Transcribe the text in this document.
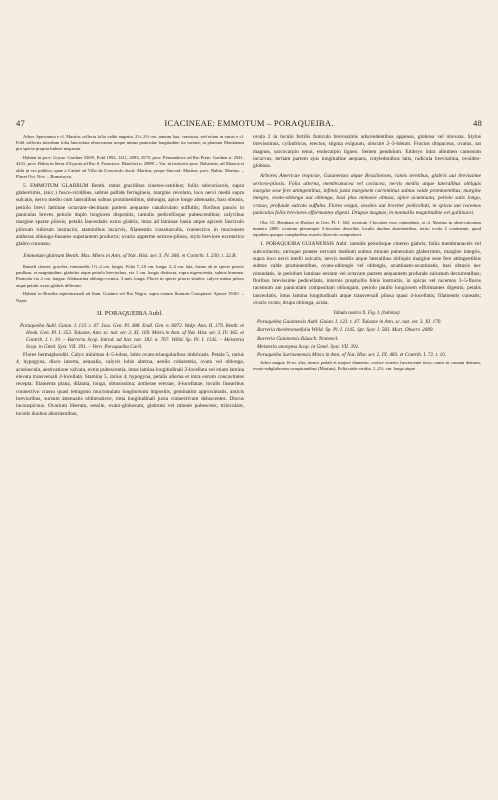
47	ICACINEAE: EMMOTUM – PORAQUEIBA.	48

Arbor. Specimina e cl. Martius collecta folia valde angusta, 2½–3½ cm. tantum lata, crassiora, sed etiam in ramis e cl. Pohl collectis interdum folia lanceolata observantur neque minus paniculae longitudine ita variant, ut plantam Martianam pro specie propria habere nequeam.

Habitat in prov. Goyaz: Gardner 3369!, Pohl 1092, 1411, 2093, 3575; prov. Pernambuco ad Rio Preto: Gardner n. 2941, 4431; prov. Bahia in Serra d'Açurua ad Rio S. Francisco: Blanchet n. 2889! – Var. in fruticetis prov. Bahiensis, ad Maracá et alibi in via publica, quae a Caitité ad Villa da Conceicão ducit: Martius; prope Sincorá: Martius; prov. Bahia: Martius. – Floret Oct. Nov. – Bomatryxa.

5. EMMOTUM GLABRUM Benth. ramis gracilibus cinereo-centibus; foliis subcoriaceis, supra glaberrimis, (sicc.) fusco-viridibus, subtus pallide ferrugineis, margine revoluto, loco nervi medii supra sulcatis, nervo medio cum lateralibus subtus prominentibus, oblongis, apice longe attenuatis, basi obtusis, petiolo brevi laminae octavam–decimam partem aequante canaliculato suffultis; floribus paucis in paniculas breves petiolo duplo longiores dispositis, ramulis pedicellisque pubescentibus; calycibus margine sparse pilosis; petalis lanceolatis extus glabris, intus ad laminae basin atque apicem fasciculo pilorum ruforum instructis; staminibus incurvis, filamentis crassiusculis, connectivo in mucronem antheras oblongo-lineares superantem producto; ovario apperme sericeo-piloso, stylo breviore excentrico glabro coronato.

Emmotum glabrum Benth. Mss. Miers in Ann. of Nat. Hist. ser. 3. IV. 366. et Contrib. I. 230. t. 22.B.

Rameli cinerei, graciles, internodiis 1½–2 cm. longis. Folia 7–10 cm. longa, 2–4 cm. lata, forma ab in specie prioris paullum, at magnitudine, glabritie atque petiolo breviorbus, vix 1 cm. longis distincta, supra nigrescentia, subtus brunnea. Panicula vix 2 cm. longae. Alabastrina oblongo-conica, 3 mm. longa. Flores in specie prioris similes, calyce minus piloso atque petalis extus glabris differunt.

Habitat in Brasilia septentrionali ad fium. Guainia vel Rio Negro, supra ostium fluminis Casiquiare: Spruce 3536!. – Najas.

II. PORAQUEIBA Aubl.

Poraqueiba Aubl. Guian. I. 123. t. 47. Juss. Gen. Pl. 388. Endl. Gen. n. 6872. Walp. Ann. II. 179. Benth. et Hook. Gen. Pl. I. 352. Tulasne, Ann. sc. nat. ser. 3. XI. 169. Miers in Ann. of Nat. Hist. ser. 3. IV. 365. et Contrib. I. t. 10. – Barreria Scop. Introd. ad hist. nat. 182. n. 767. Willd. Sp. Pl. I. 1145. – Meisteria Scop. in Gmel. Syst. VII. 391. – Vern. Poraqueiba Caril.

Flores hermaphroditi. Calyx minimus 4–5-lobus, lobis ovato-triangularibus imbricatis. Petala 5, rarius 4, hypogyna, disco inserta, aequalia, calycis lobis alterna, aeolio coharentia, ovata vel oblonga, acutiuscula, aestivatione valvata, extus pubescentia, intus lamina longitudinali 2-locellata vel etiam lamina elevata transversali 4-locellata. Stamina 5, rarius 4, hypogyna, petalis alterna et intra eorum concavitates recepta; filamenta plana, dilatata, longa, obtusissima; antherae erectae, 4-locellatae, loculis linearibus connectivo crasso quasi tetragono mucronulato longitorsum impositis, geminatim approximatis, anticis brevioribus, sursum attenuatis obliteratisve, rima longitudinali juxta connectivum dehiscentes. Discus inconspicuus. Ovarium liberum, sessile, ovato-globosum, glabrum vel minute pubescens, triloculare, loculis duobus abortientibus;

ovula 2 in loculo fertilis funiculo brevissimis adscendentibus appensa, globosa vel obovata. Stylus brevissimus, cylindricus, erectus; stigma exiguum, obscure 2–3-lobum. Fructus drupaceus, ovatus, sat magnus, sarcocarpio tenui, endocarpio ligneo. Semen pendulum. Embryo intra albumen carnosum incurvus, tertiam partem ejus longitudine aequans, cotyledonibus latis, radicula brevissima, ovoideo-globosa.

Arbores Americae tropicae, Guianenses atque Brasilienses, ramis teretibus, glabris aut brevissime sericeo-pilosis. Folia alterna, membranacea vel coriacea, nervis mediis atque lateralibus obliquis margine sese fere attingentibus, infimis juxta marginem currentibus subtus valde prominentibus, margine integro, ovato-oblonga aut oblonga, basi plus minusve obtusa, apice acuminata, petiolo satis longo, crasso, profunde sulcato suffulta. Flores exigui, sessiles aut breviter pedicellati, in spicas aut racemos paniculas foliis breviores efformantes digesti. Drupae magnae, in nonnullis magnitudine ovi gallinacei.

Obs. Cl. Bentham et Hooker in Gen. Pl. I. 362. ovarium 1-loculare esse contendunt, at cl. Martius in observationum numero 2889. ovarium plerumque 3-loculare describit, loculis duobus abortientibus, tertio ovula 2 continente, quod equidem quoque compluribus ovariis dissectis comprobavi.

1. PORAQUEIBA GUIANENSIS Aubl. ramulis petiolisque cinereo glabris; foliis membranaceis vel subcoriaceis, utrinque praeter nervum medium subtus minute puberulum glaberrimis, margine integris, supra loco nervi medii sulcatis, nervis mediis atque lateralibus obliquis margine sese fere attingentibus subtus valde prominentibus, ovato-oblongis vel oblongis, acuminato-acuminatis, basi obtusis nec rotundatis, in petiolum laminae sextam vel octavam partem aequantem profunde sulcatum decurrentibus; floribus brevissime pedicellatis, internis prophyllis binis instructis, in spicas vel racemos 3–5-floros racemum aut paniculam compositam oblongam, petiolo paullo longiorem efformantes digestis; petalis lanceolatis, intus lamina longitudinali atque transversali pilosa quasi 4-locellatis; filamentis cuneatis; ovario ovato; drupa oblonga, acuta.

Tabula nostra X. Fig. I. (habitus).

Poraqueiba Guianensis Aubl. Guian. I. 123. t. 47. Tulasne in Ann. sc. nat. ser. 3. XI. 170.

Barreria theobromaefolia Willd. Sp. Pl. I. 1145. Spr. Syst. I. 583. Mart. Observ. 2689.

Barreria Guianensis Räusch. Nomencl.

Meisteria anonyma Scop. in Gmel. Syst. VII. 391.

Poraqueiba Surinamensis Miers in Ann. of Nat. Hist. ser. 2. IX. 483. et Contrib. I. 72. t. 10.

Arbor magna 16 m. alta, trunco pedali et majore diametro, cortice cinereo fuscescente tecto, ramis in comam densam, ovato-subglobosam conspirantibus (Martius). Folia utide viridia, 1–2½, cm. longa atque
